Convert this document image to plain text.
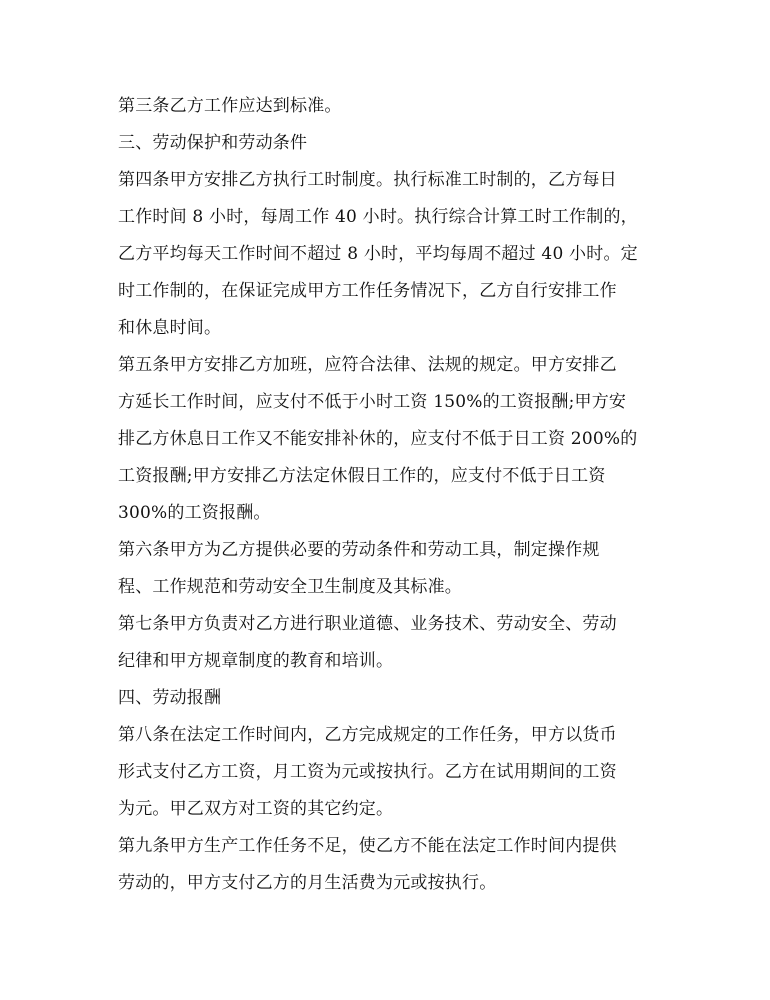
第三条乙方工作应达到标准。
三、劳动保护和劳动条件
第四条甲方安排乙方执行工时制度。执行标准工时制的，乙方每日
工作时间 8 小时，每周工作 40 小时。执行综合计算工时工作制的，
乙方平均每天工作时间不超过 8 小时，平均每周不超过 40 小时。定
时工作制的，在保证完成甲方工作任务情况下，乙方自行安排工作
和休息时间。
第五条甲方安排乙方加班，应符合法律、法规的规定。甲方安排乙
方延长工作时间，应支付不低于小时工资 150%的工资报酬;甲方安
排乙方休息日工作又不能安排补休的，应支付不低于日工资 200%的
工资报酬;甲方安排乙方法定休假日工作的，应支付不低于日工资
300%的工资报酬。
第六条甲方为乙方提供必要的劳动条件和劳动工具，制定操作规
程、工作规范和劳动安全卫生制度及其标准。
第七条甲方负责对乙方进行职业道德、业务技术、劳动安全、劳动
纪律和甲方规章制度的教育和培训。
四、劳动报酬
第八条在法定工作时间内，乙方完成规定的工作任务，甲方以货币
形式支付乙方工资，月工资为元或按执行。乙方在试用期间的工资
为元。甲乙双方对工资的其它约定。
第九条甲方生产工作任务不足，使乙方不能在法定工作时间内提供
劳动的，甲方支付乙方的月生活费为元或按执行。
